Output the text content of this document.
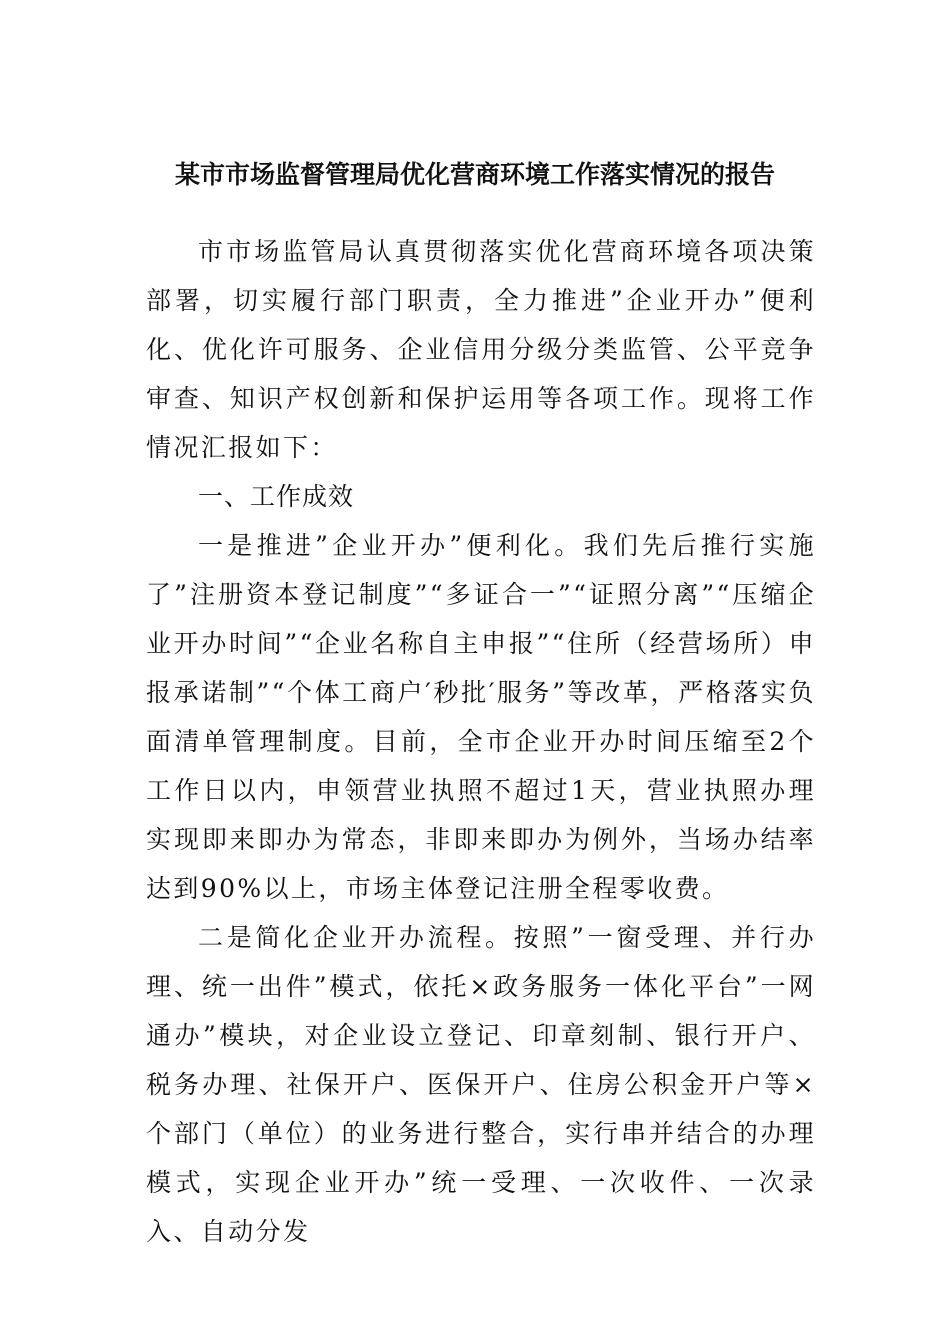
某市市场监督管理局优化营商环境工作落实情况的报告

市市场监管局认真贯彻落实优化营商环境各项决策部署，切实履行部门职责，全力推进”企业开办”便利化、优化许可服务、企业信用分级分类监管、公平竞争审查、知识产权创新和保护运用等各项工作。现将工作情况汇报如下：

一、工作成效

一是推进”企业开办”便利化。我们先后推行实施了”注册资本登记制度”“多证合一”“证照分离”“压缩企业开办时间”“企业名称自主申报”“住所（经营场所）申报承诺制”“个体工商户′秒批′服务”等改革，严格落实负面清单管理制度。目前，全市企业开办时间压缩至2个工作日以内，申领营业执照不超过1天，营业执照办理实现即来即办为常态，非即来即办为例外，当场办结率达到90%以上，市场主体登记注册全程零收费。

二是简化企业开办流程。按照”一窗受理、并行办理、统一出件”模式，依托×政务服务一体化平台”一网通办”模块，对企业设立登记、印章刻制、银行开户、税务办理、社保开户、医保开户、住房公积金开户等×个部门（单位）的业务进行整合，实行串并结合的办理模式，实现企业开办”统一受理、一次收件、一次录入、自动分发
